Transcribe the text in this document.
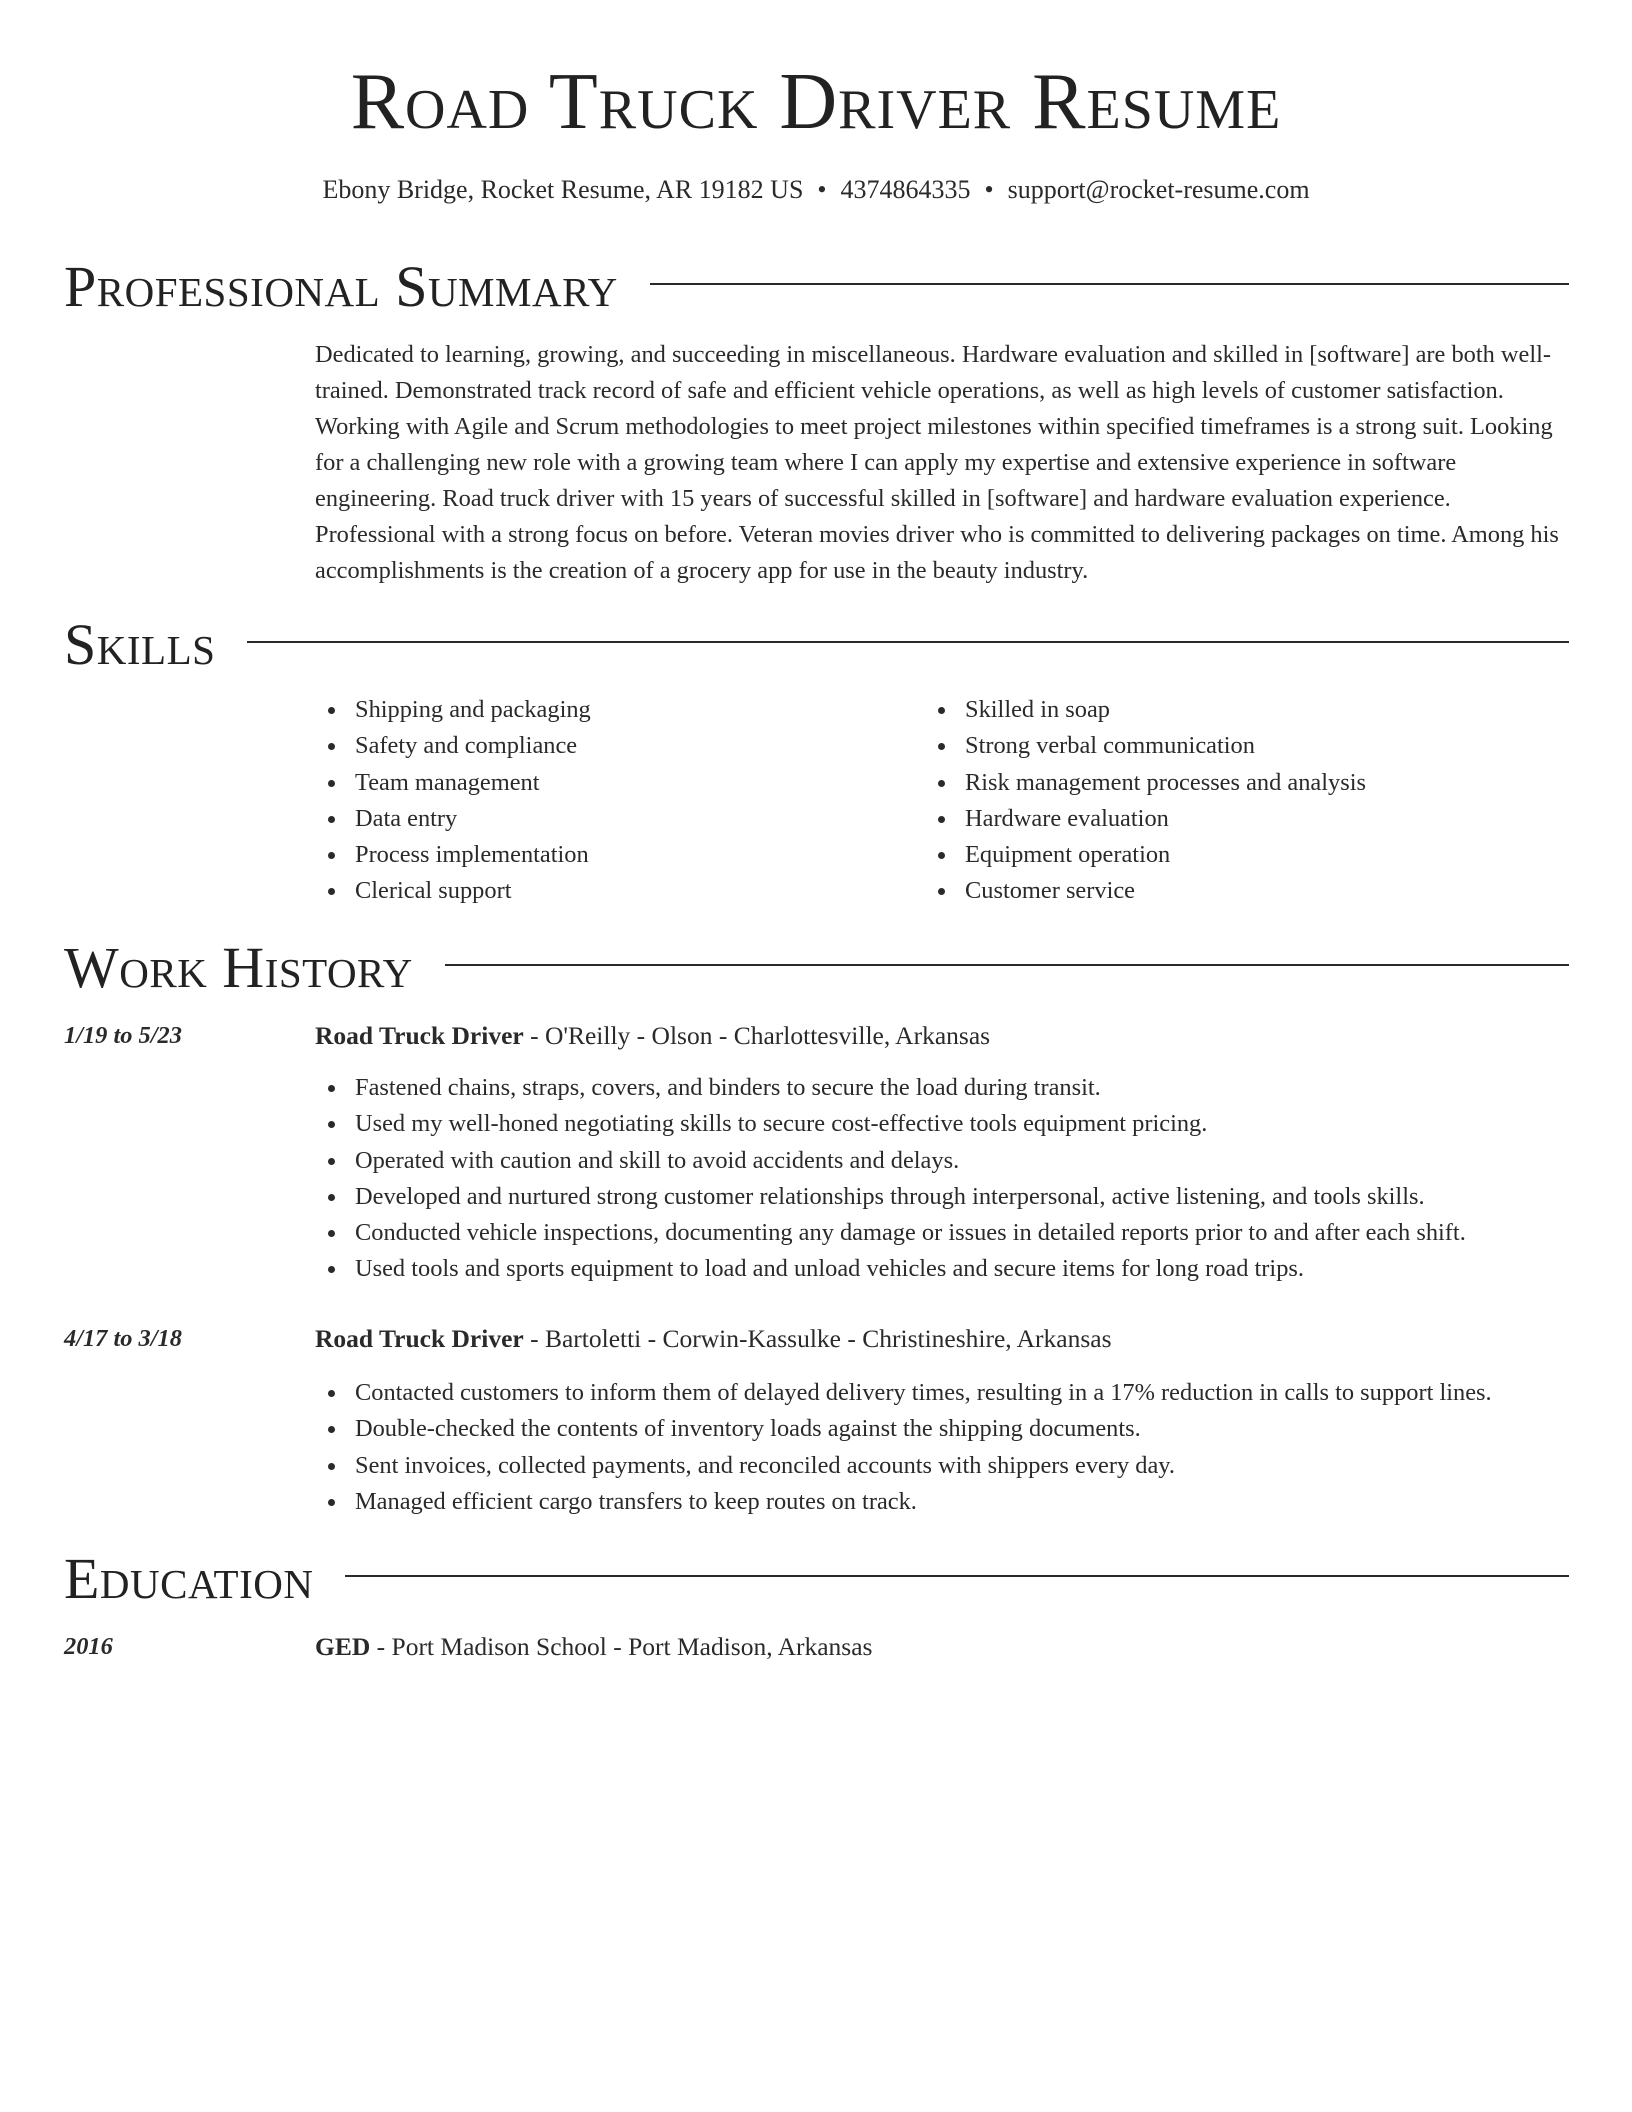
Road Truck Driver Resume
Ebony Bridge, Rocket Resume, AR 19182 US • 4374864335 • support@rocket-resume.com
Professional Summary

Dedicated to learning, growing, and succeeding in miscellaneous. Hardware evaluation and skilled in [software] are both well-trained. Demonstrated track record of safe and efficient vehicle operations, as well as high levels of customer satisfaction. Working with Agile and Scrum methodologies to meet project milestones within specified timeframes is a strong suit. Looking for a challenging new role with a growing team where I can apply my expertise and extensive experience in software engineering. Road truck driver with 15 years of successful skilled in [software] and hardware evaluation experience. Professional with a strong focus on before. Veteran movies driver who is committed to delivering packages on time. Among his accomplishments is the creation of a grocery app for use in the beauty industry.

Skills
Shipping and packaging
Safety and compliance
Team management
Data entry
Process implementation
Clerical support
Skilled in soap
Strong verbal communication
Risk management processes and analysis
Hardware evaluation
Equipment operation
Customer service
Work History
1/19 to 5/23	Road Truck Driver - O'Reilly - Olson - Charlottesville, Arkansas
Fastened chains, straps, covers, and binders to secure the load during transit.
Used my well-honed negotiating skills to secure cost-effective tools equipment pricing.
Operated with caution and skill to avoid accidents and delays.
Developed and nurtured strong customer relationships through interpersonal, active listening, and tools skills.
Conducted vehicle inspections, documenting any damage or issues in detailed reports prior to and after each shift.
Used tools and sports equipment to load and unload vehicles and secure items for long road trips.
4/17 to 3/18	Road Truck Driver - Bartoletti - Corwin-Kassulke - Christineshire, Arkansas
Contacted customers to inform them of delayed delivery times, resulting in a 17% reduction in calls to support lines.
Double-checked the contents of inventory loads against the shipping documents.
Sent invoices, collected payments, and reconciled accounts with shippers every day.
Managed efficient cargo transfers to keep routes on track.
Education
2016	GED - Port Madison School - Port Madison, Arkansas
